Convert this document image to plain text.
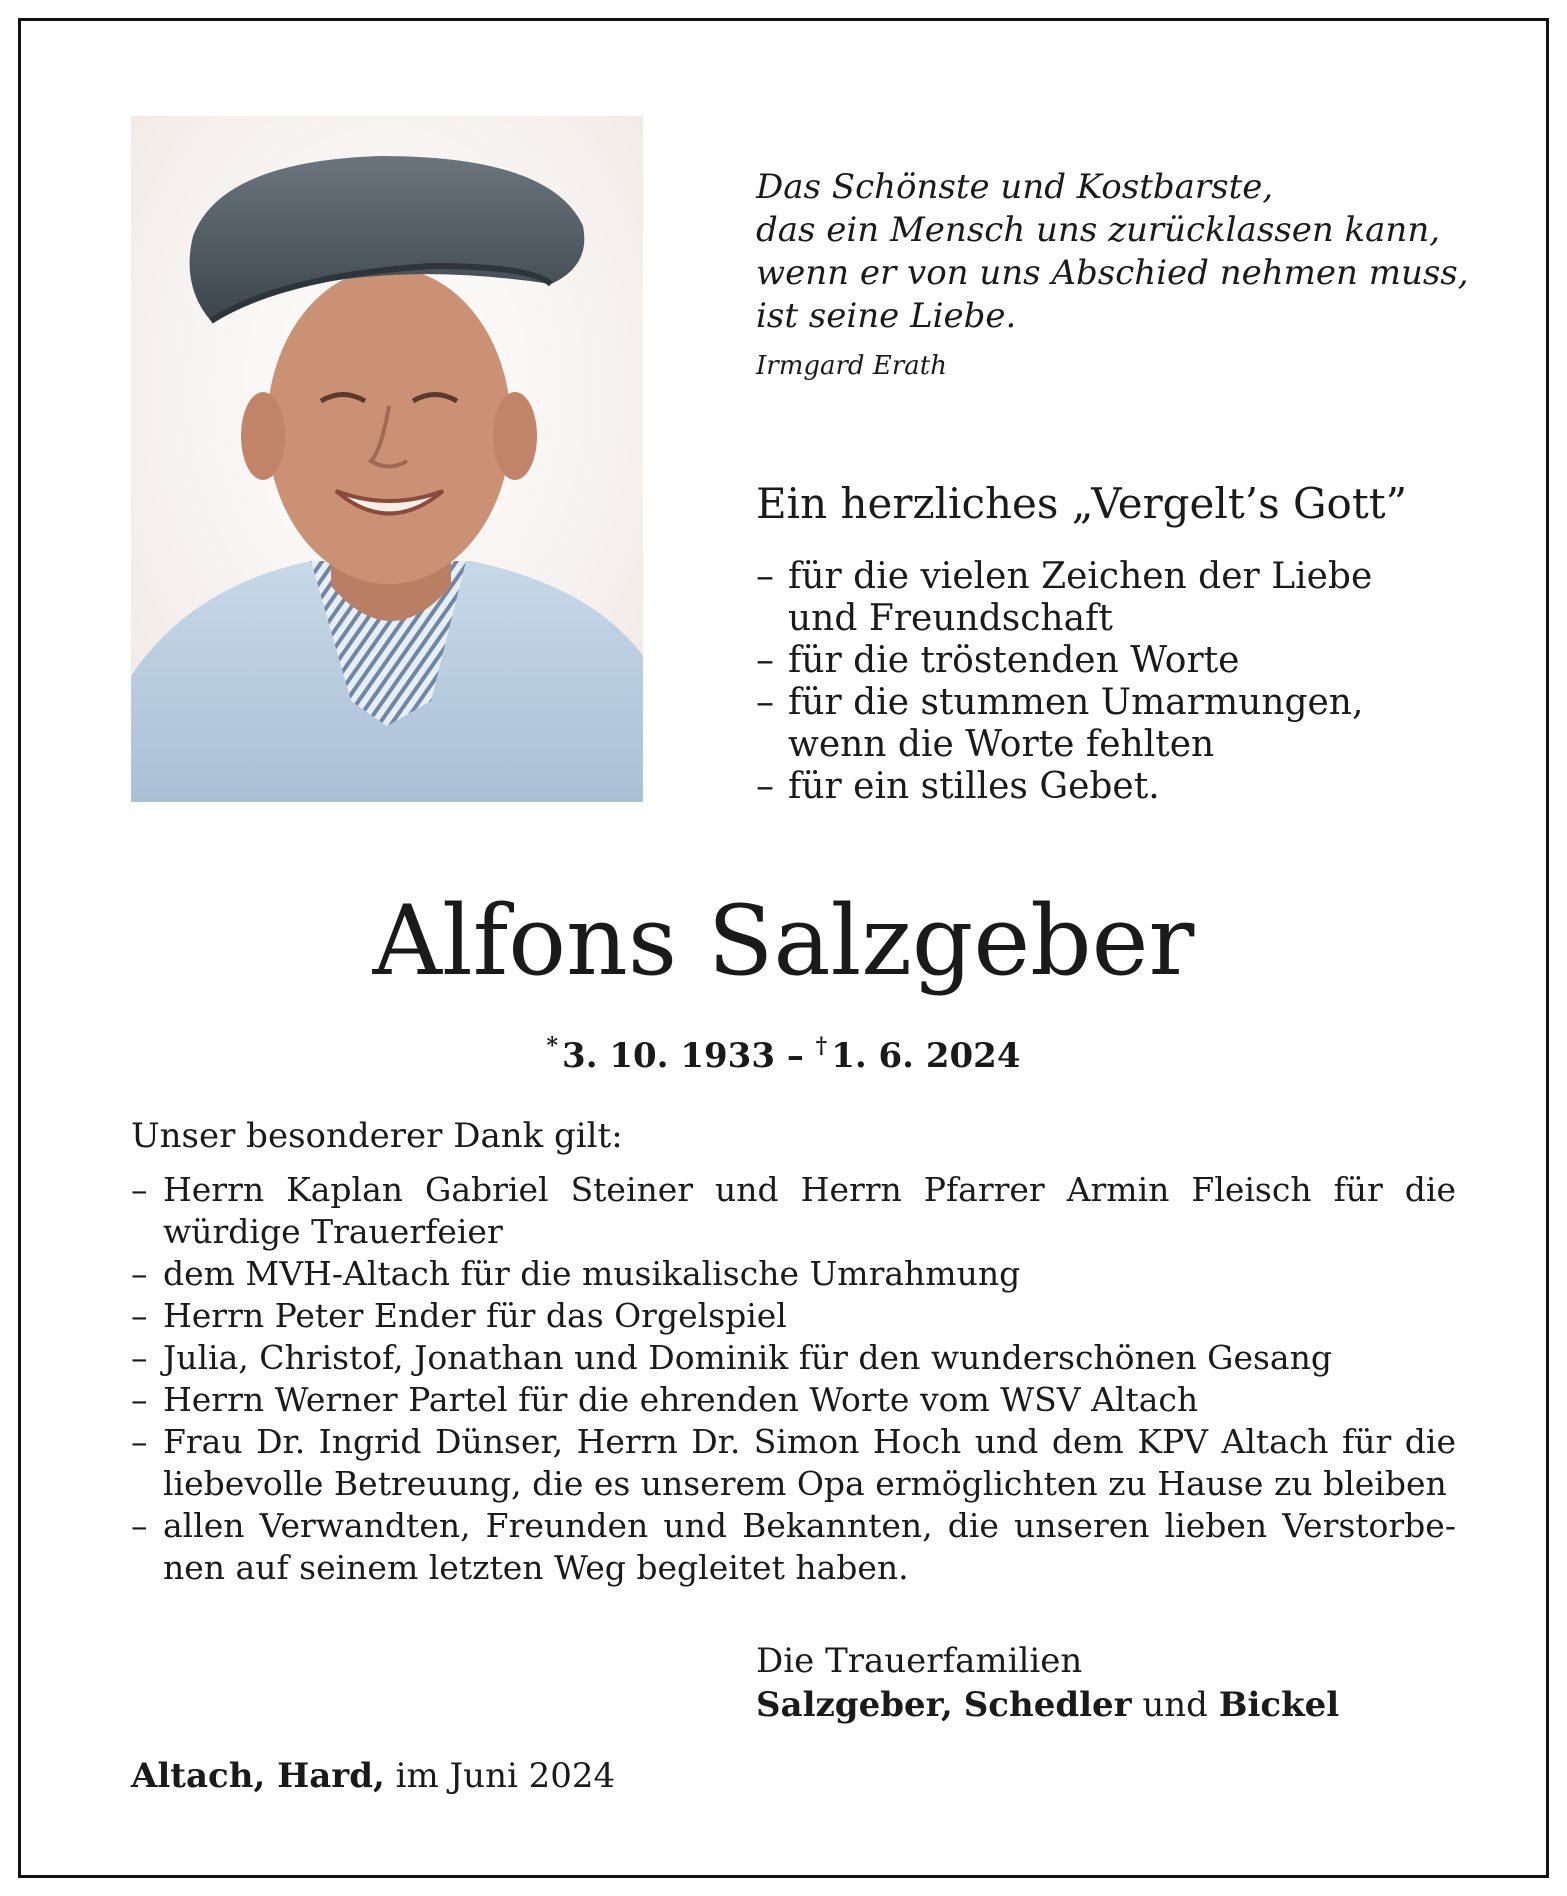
Das Schönste und Kostbarste,
das ein Mensch uns zurücklassen kann,
wenn er von uns Abschied nehmen muss,
ist seine Liebe.
Irmgard Erath
Ein herzliches „Vergelt’s Gott”
– für die vielen Zeichen der Liebe
und Freundschaft
– für die tröstenden Worte
– für die stummen Umarmungen,
wenn die Worte fehlten
– für ein stilles Gebet.
Alfons Salzgeber
* 3. 10. 1933 – † 1. 6. 2024
Unser besonderer Dank gilt:
– Herrn Kaplan Gabriel Steiner und Herrn Pfarrer Armin Fleisch für die würdige Trauerfeier
– dem MVH-Altach für die musikalische Umrahmung
– Herrn Peter Ender für das Orgelspiel
– Julia, Christof, Jonathan und Dominik für den wunderschönen Gesang
– Herrn Werner Partel für die ehrenden Worte vom WSV Altach
– Frau Dr. Ingrid Dünser, Herrn Dr. Simon Hoch und dem KPV Altach für die liebevolle Betreuung, die es unserem Opa ermöglichten zu Hause zu bleiben
– allen Verwandten, Freunden und Bekannten, die unseren lieben Verstorbe-nen auf seinem letzten Weg begleitet haben.
Die Trauerfamilien
Salzgeber, Schedler und Bickel
Altach, Hard, im Juni 2024
